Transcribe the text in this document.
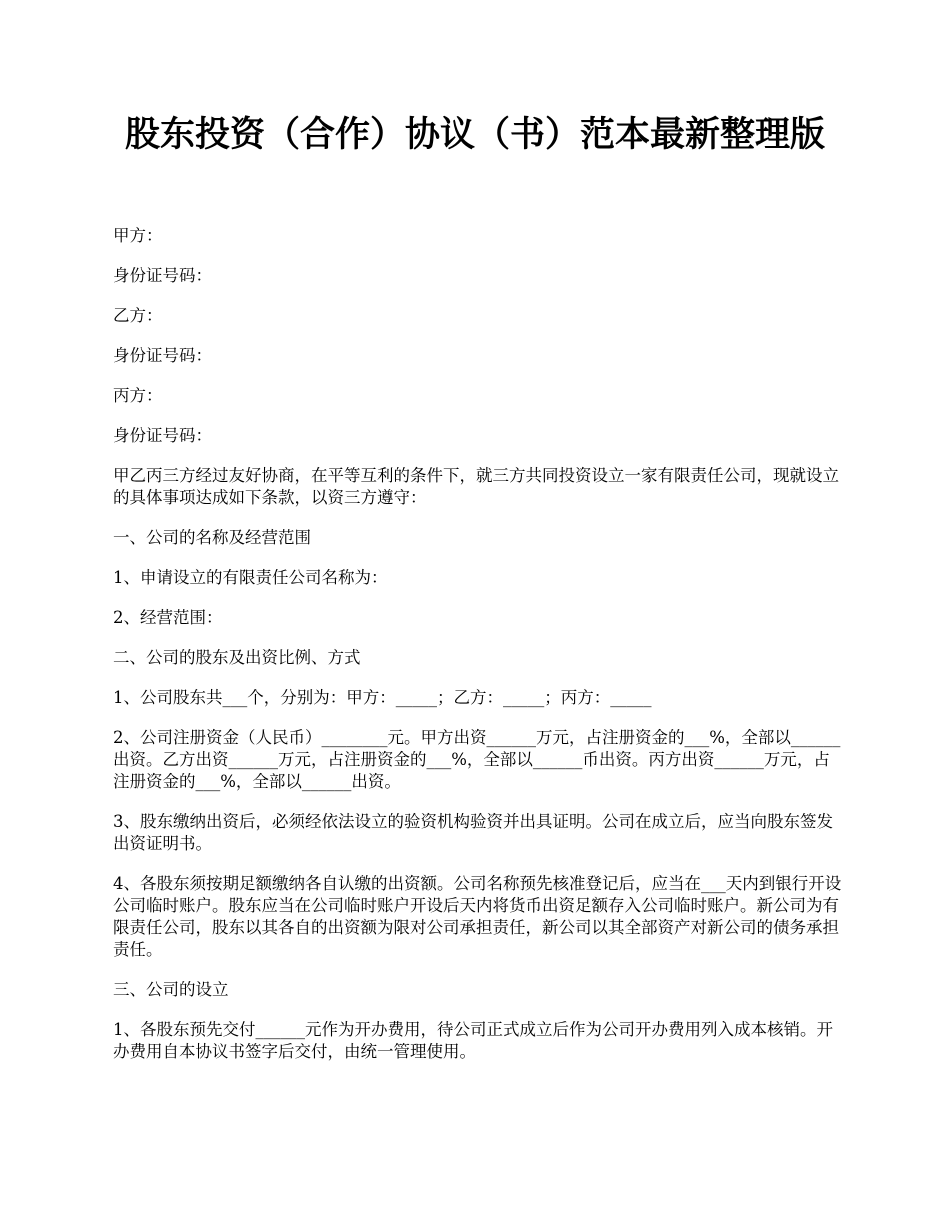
股东投资（合作）协议（书）范本最新整理版

甲方：

身份证号码：

乙方：

身份证号码：

丙方：

身份证号码：

甲乙丙三方经过友好协商，在平等互利的条件下，就三方共同投资设立一家有限责任公司，现就设立的具体事项达成如下条款，以资三方遵守：

一、公司的名称及经营范围

1、申请设立的有限责任公司名称为：

2、经营范围：

二、公司的股东及出资比例、方式

1、公司股东共___个，分别为：甲方：_____；乙方：_____；丙方：_____

2、公司注册资金（人民币）________元。甲方出资______万元，占注册资金的___%，全部以______出资。乙方出资______万元，占注册资金的___%，全部以______币出资。丙方出资______万元，占注册资金的___%，全部以______出资。

3、股东缴纳出资后，必须经依法设立的验资机构验资并出具证明。公司在成立后，应当向股东签发出资证明书。

4、各股东须按期足额缴纳各自认缴的出资额。公司名称预先核准登记后，应当在___天内到银行开设公司临时账户。股东应当在公司临时账户开设后天内将货币出资足额存入公司临时账户。新公司为有限责任公司，股东以其各自的出资额为限对公司承担责任，新公司以其全部资产对新公司的债务承担责任。

三、公司的设立

1、各股东预先交付______元作为开办费用，待公司正式成立后作为公司开办费用列入成本核销。开办费用自本协议书签字后交付，由统一管理使用。
